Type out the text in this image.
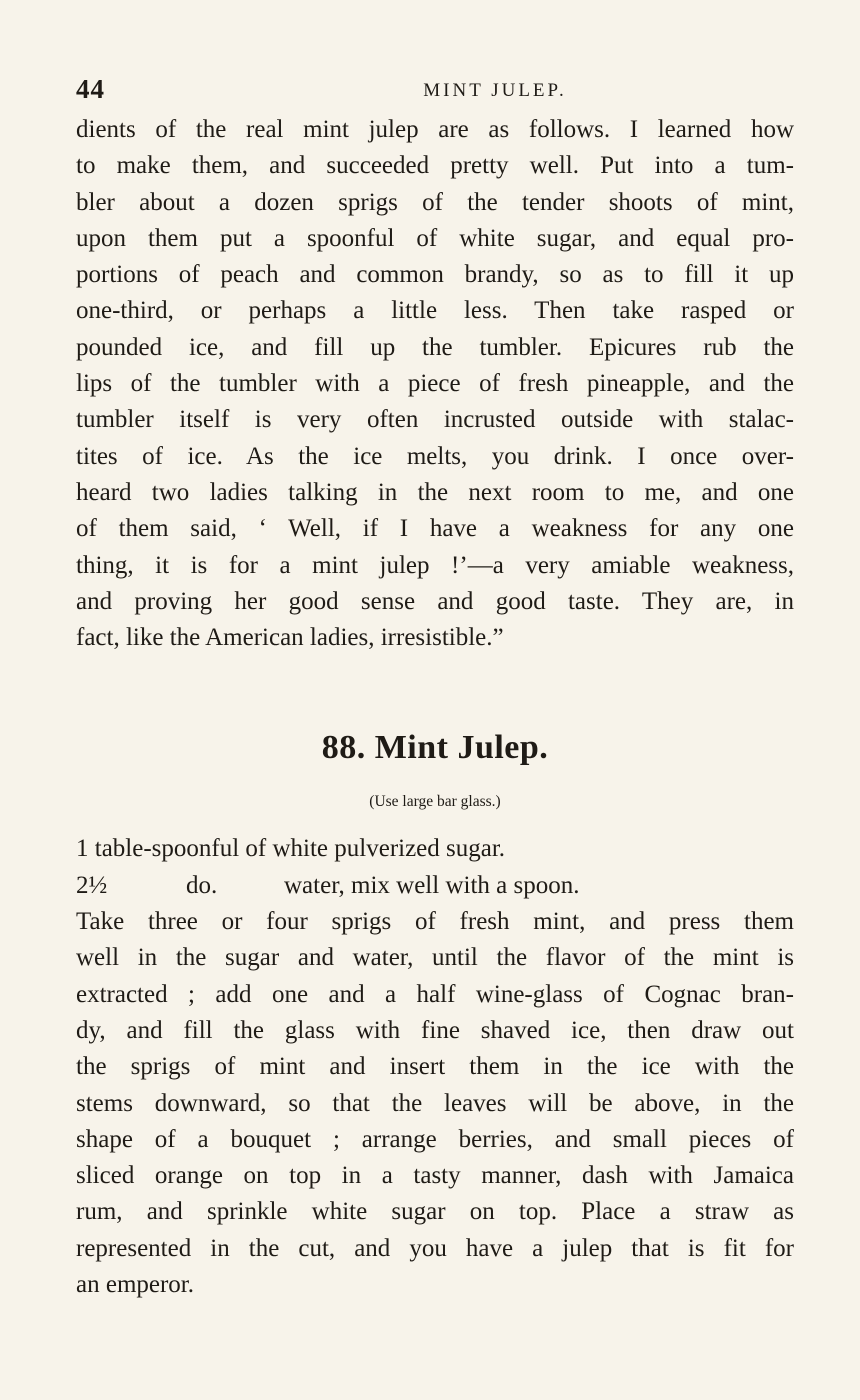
44	MINT JULEP.
dients of the real mint julep are as follows. I learned how
to make them, and succeeded pretty well. Put into a tum-
bler about a dozen sprigs of the tender shoots of mint,
upon them put a spoonful of white sugar, and equal pro-
portions of peach and common brandy, so as to fill it up
one-third, or perhaps a little less. Then take rasped or
pounded ice, and fill up the tumbler. Epicures rub the
lips of the tumbler with a piece of fresh pineapple, and the
tumbler itself is very often incrusted outside with stalac-
tites of ice. As the ice melts, you drink. I once over-
heard two ladies talking in the next room to me, and one
of them said, ‘ Well, if I have a weakness for any one
thing, it is for a mint julep !’—a very amiable weakness,
and proving her good sense and good taste. They are, in
fact, like the American ladies, irresistible.”
88. Mint Julep.
(Use large bar glass.)
1 table-spoonful of white pulverized sugar.
2½	do.	water, mix well with a spoon.
Take three or four sprigs of fresh mint, and press them
well in the sugar and water, until the flavor of the mint is
extracted ; add one and a half wine-glass of Cognac bran-
dy, and fill the glass with fine shaved ice, then draw out
the sprigs of mint and insert them in the ice with the
stems downward, so that the leaves will be above, in the
shape of a bouquet ; arrange berries, and small pieces of
sliced orange on top in a tasty manner, dash with Jamaica
rum, and sprinkle white sugar on top. Place a straw as
represented in the cut, and you have a julep that is fit for
an emperor.
